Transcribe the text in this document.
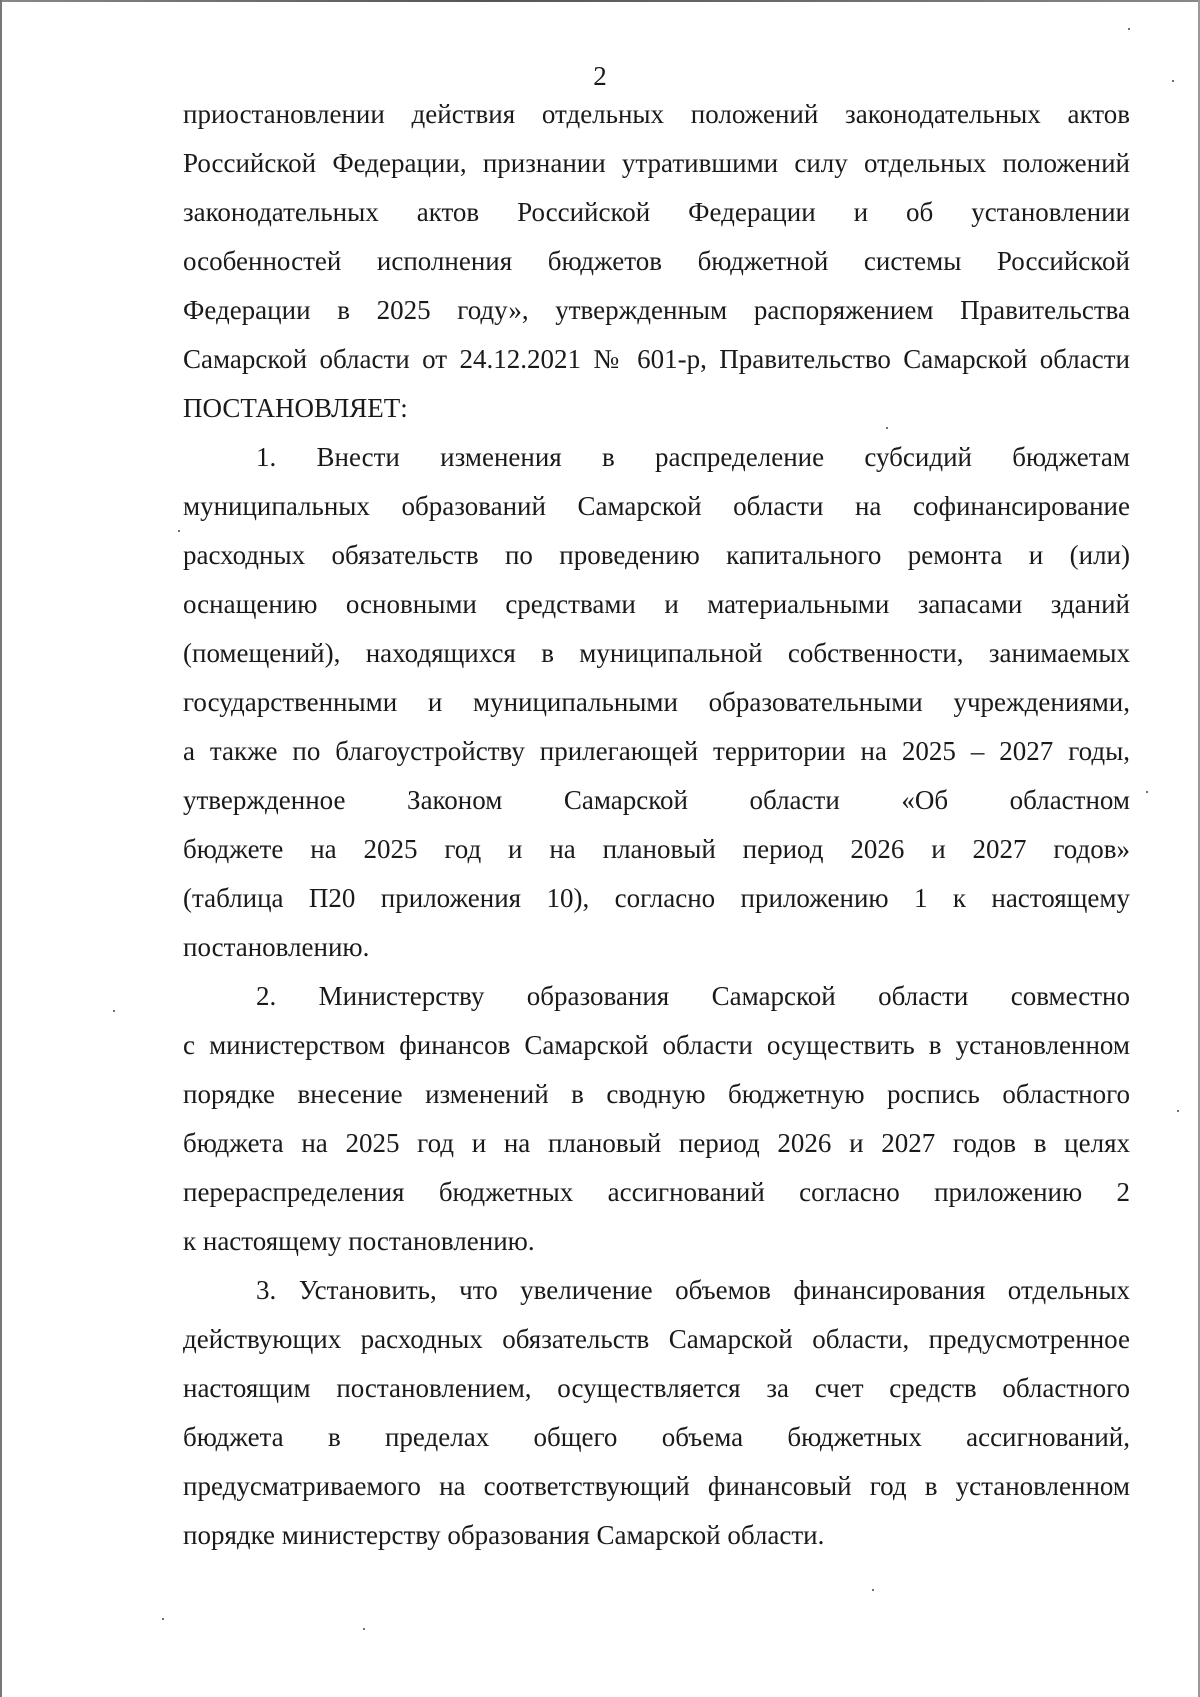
2
приостановлении действия отдельных положений законодательных актов
Российской Федерации, признании утратившими силу отдельных положений
законодательных актов Российской Федерации и об установлении
особенностей исполнения бюджетов бюджетной системы Российской
Федерации в 2025 году», утвержденным распоряжением Правительства
Самарской области от 24.12.2021 № 601-р, Правительство Самарской области
ПОСТАНОВЛЯЕТ:
1. Внести изменения в распределение субсидий бюджетам
муниципальных образований Самарской области на софинансирование
расходных обязательств по проведению капитального ремонта и (или)
оснащению основными средствами и материальными запасами зданий
(помещений), находящихся в муниципальной собственности, занимаемых
государственными и муниципальными образовательными учреждениями,
а также по благоустройству прилегающей территории на 2025 – 2027 годы,
утвержденное Законом Самарской области «Об областном
бюджете на 2025 год и на плановый период 2026 и 2027 годов»
(таблица П20 приложения 10), согласно приложению 1 к настоящему
постановлению.
2. Министерству образования Самарской области совместно
с министерством финансов Самарской области осуществить в установленном
порядке внесение изменений в сводную бюджетную роспись областного
бюджета на 2025 год и на плановый период 2026 и 2027 годов в целях
перераспределения бюджетных ассигнований согласно приложению 2
к настоящему постановлению.
3. Установить, что увеличение объемов финансирования отдельных
действующих расходных обязательств Самарской области, предусмотренное
настоящим постановлением, осуществляется за счет средств областного
бюджета в пределах общего объема бюджетных ассигнований,
предусматриваемого на соответствующий финансовый год в установленном
порядке министерству образования Самарской области.
